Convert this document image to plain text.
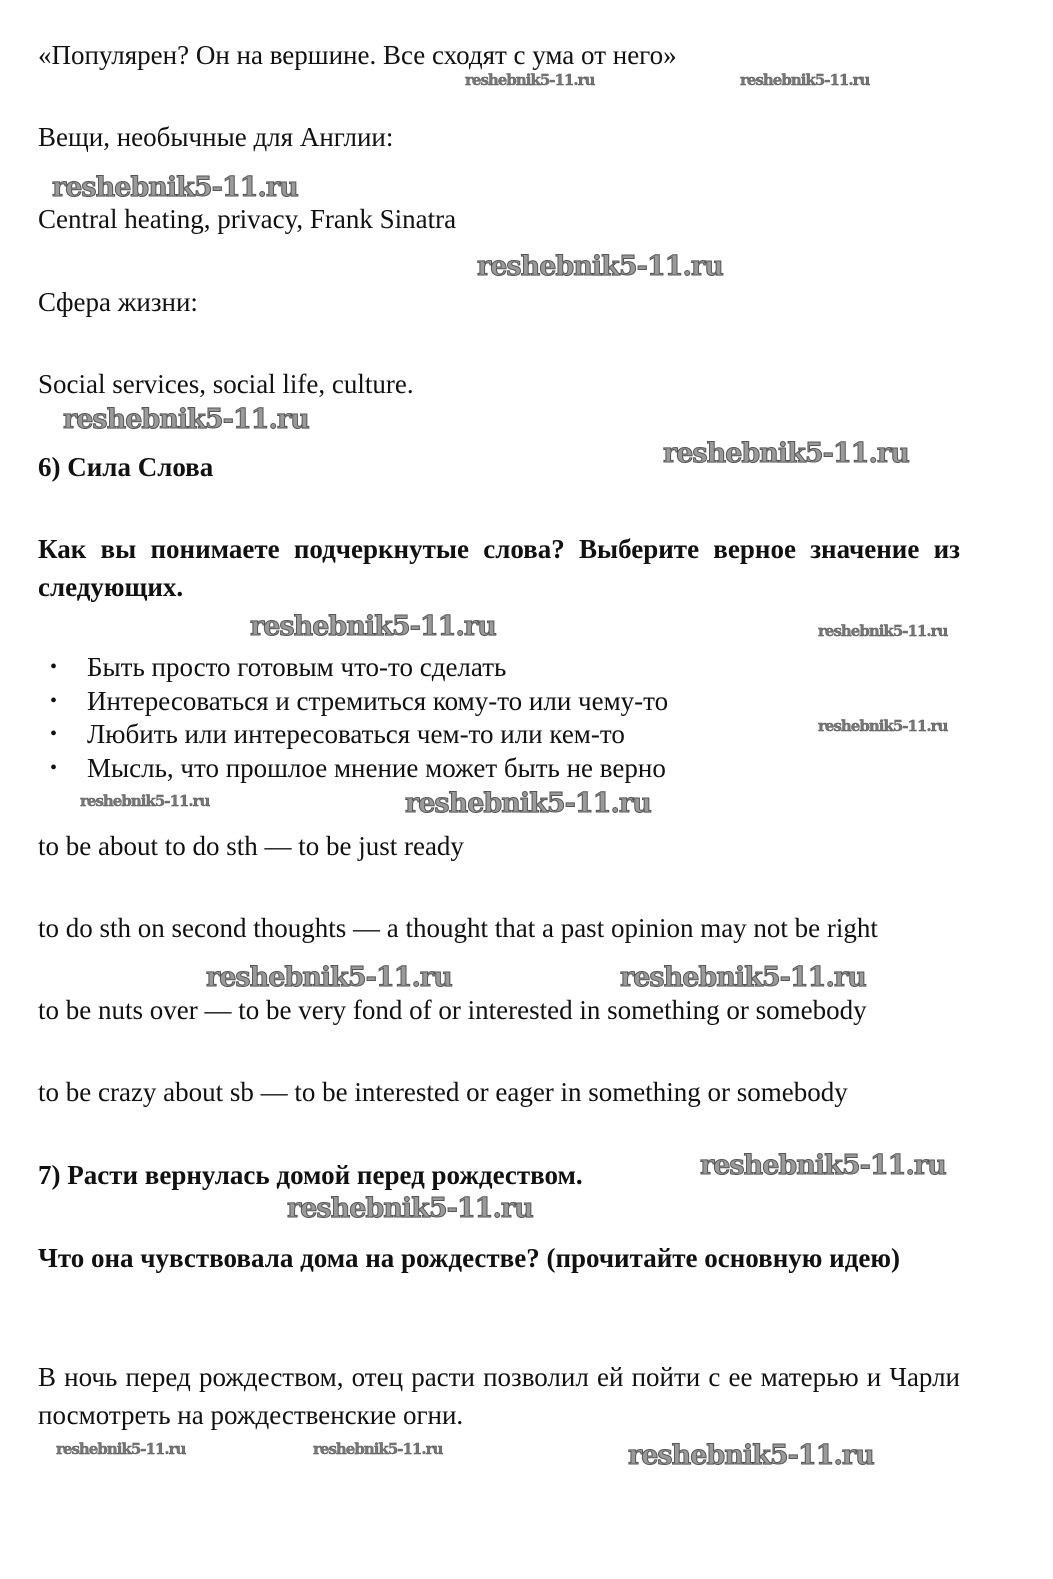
«Популярен? Он на вершине. Все сходят с ума от него»
Вещи, необычные для Англии:
Central heating, privacy, Frank Sinatra
Сфера жизни:
Social services, social life, culture.
6) Сила Слова
Как вы понимаете подчеркнутые слова? Выберите верное значение из следующих.
• Быть просто готовым что-то сделать
• Интересоваться и стремиться кому-то или чему-то
• Любить или интересоваться чем-то или кем-то
• Мысль, что прошлое мнение может быть не верно
to be about to do sth — to be just ready
to do sth on second thoughts — a thought that a past opinion may not be right
to be nuts over — to be very fond of or interested in something or somebody
to be crazy about sb — to be interested or eager in something or somebody
7) Расти вернулась домой перед рождеством.
Что она чувствовала дома на рождестве? (прочитайте основную идею)
В ночь перед рождеством, отец расти позволил ей пойти с ее матерью и Чарли посмотреть на рождественские огни.
reshebnik5-11.ru	reshebnik5-11.ru
reshebnik5-11.ru
reshebnik5-11.ru
reshebnik5-11.ru
reshebnik5-11.ru
reshebnik5-11.ru	reshebnik5-11.ru
reshebnik5-11.ru
reshebnik5-11.ru	reshebnik5-11.ru
reshebnik5-11.ru	reshebnik5-11.ru
reshebnik5-11.ru
reshebnik5-11.ru
reshebnik5-11.ru	reshebnik5-11.ru	reshebnik5-11.ru
